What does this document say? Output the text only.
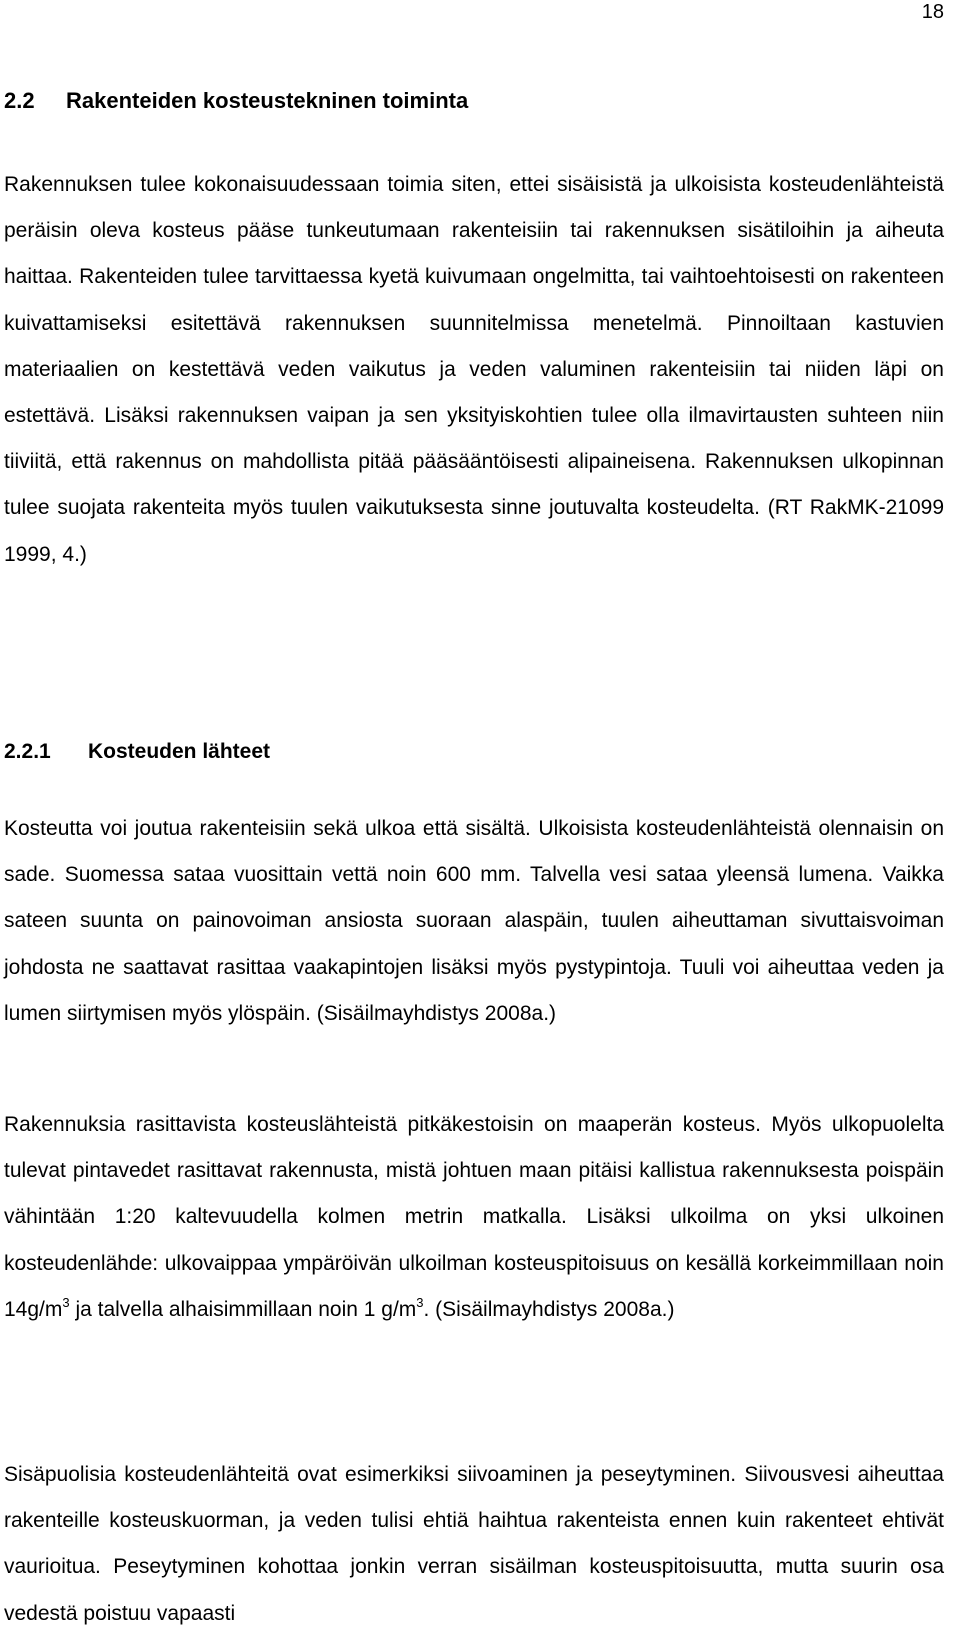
18
2.2 Rakenteiden kosteustekninen toiminta

Rakennuksen tulee kokonaisuudessaan toimia siten, ettei sisäisistä ja ulkoisista kosteudenlähteistä peräisin oleva kosteus pääse tunkeutumaan rakenteisiin tai rakennuksen sisätiloihin ja aiheuta haittaa. Rakenteiden tulee tarvittaessa kyetä kuivumaan ongelmitta, tai vaihtoehtoisesti on rakenteen kuivattamiseksi esitettävä rakennuksen suunnitelmissa menetelmä. Pinnoiltaan kastuvien materiaalien on kestettävä veden vaikutus ja veden valuminen rakenteisiin tai niiden läpi on estettävä. Lisäksi rakennuksen vaipan ja sen yksityiskohtien tulee olla ilmavirtausten suhteen niin tiiviitä, että rakennus on mahdollista pitää pääsääntöisesti alipaineisena. Rakennuksen ulkopinnan tulee suojata rakenteita myös tuulen vaikutuksesta sinne joutuvalta kosteudelta. (RT RakMK-21099 1999, 4.)

2.2.1 Kosteuden lähteet

Kosteutta voi joutua rakenteisiin sekä ulkoa että sisältä. Ulkoisista kosteudenlähteistä olennaisin on sade. Suomessa sataa vuosittain vettä noin 600 mm. Talvella vesi sataa yleensä lumena. Vaikka sateen suunta on painovoiman ansiosta suoraan alaspäin, tuulen aiheuttaman sivuttaisvoiman johdosta ne saattavat rasittaa vaakapintojen lisäksi myös pystypintoja. Tuuli voi aiheuttaa veden ja lumen siirtymisen myös ylöspäin. (Sisäilmayhdistys 2008a.)

Rakennuksia rasittavista kosteuslähteistä pitkäkestoisin on maaperän kosteus. Myös ulkopuolelta tulevat pintavedet rasittavat rakennusta, mistä johtuen maan pitäisi kallistua rakennuksesta poispäin vähintään 1:20 kaltevuudella kolmen metrin matkalla. Lisäksi ulkoilma on yksi ulkoinen kosteudenlähde: ulkovaippaa ympäröivän ulkoilman kosteuspitoisuus on kesällä korkeimmillaan noin $14g/m^3$ ja talvella alhaisimmillaan noin 1 $g/m^3$. (Sisäilmayhdistys 2008a.)

Sisäpuolisia kosteudenlähteitä ovat esimerkiksi siivoaminen ja peseytyminen. Siivousvesi aiheuttaa rakenteille kosteuskuorman, ja veden tulisi ehtiä haihtua rakenteista ennen kuin rakenteet ehtivät vaurioitua. Peseytyminen kohottaa jonkin verran sisäilman kosteuspitoisuutta, mutta suurin osa vedestä poistuu vapaasti
